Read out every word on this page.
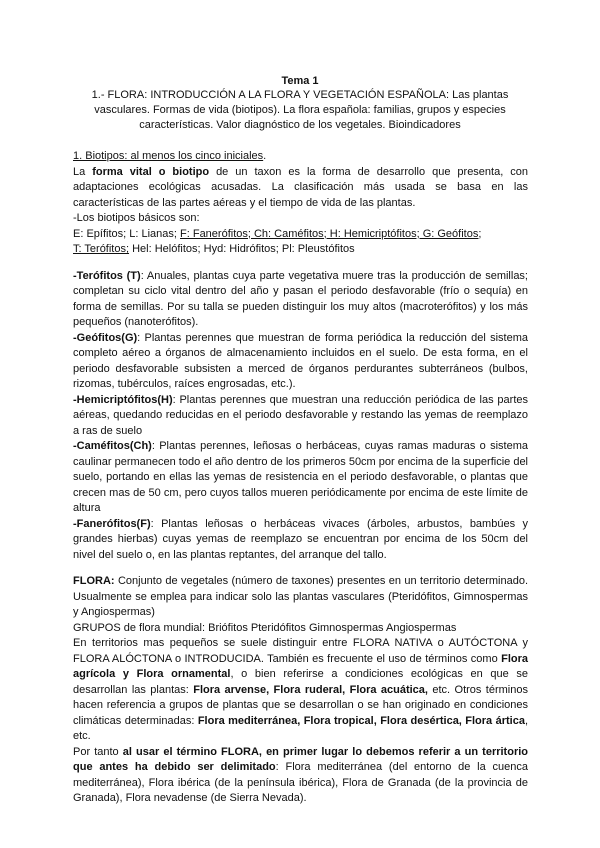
Tema 1
1.- FLORA: INTRODUCCIÓN A LA FLORA Y VEGETACIÓN ESPAÑOLA: Las plantas vasculares. Formas de vida (biotipos). La flora española: familias, grupos y especies características. Valor diagnóstico de los vegetales. Bioindicadores

1. Biotipos: al menos los cinco iniciales.

La forma vital o biotipo de un taxon es la forma de desarrollo que presenta, con adaptaciones ecológicas acusadas. La clasificación más usada se basa en las características de las partes aéreas y el tiempo de vida de las plantas.

-Los biotipos básicos son:

E: Epífitos; L: Lianas; F: Fanerófitos; Ch: Caméfitos; H: Hemicriptófitos; G: Geófitos;

T: Terófitos; Hel: Helófitos; Hyd: Hidrófitos; Pl: Pleustófitos

-Terófitos (T): Anuales, plantas cuya parte vegetativa muere tras la producción de semillas; completan su ciclo vital dentro del año y pasan el periodo desfavorable (frío o sequía) en forma de semillas. Por su talla se pueden distinguir los muy altos (macroterófitos) y los más pequeños (nanoterófitos).

-Geófitos(G): Plantas perennes que muestran de forma periódica la reducción del sistema completo aéreo a órganos de almacenamiento incluidos en el suelo. De esta forma, en el periodo desfavorable subsisten a merced de órganos perdurantes subterráneos (bulbos, rizomas, tubérculos, raíces engrosadas, etc.).

-Hemicriptófitos(H): Plantas perennes que muestran una reducción periódica de las partes aéreas, quedando reducidas en el periodo desfavorable y restando las yemas de reemplazo a ras de suelo

-Caméfitos(Ch): Plantas perennes, leñosas o herbáceas, cuyas ramas maduras o sistema caulinar permanecen todo el año dentro de los primeros 50cm por encima de la superficie del suelo, portando en ellas las yemas de resistencia en el periodo desfavorable, o plantas que crecen mas de 50 cm, pero cuyos tallos mueren periódicamente por encima de este límite de altura

-Fanerófitos(F): Plantas leñosas o herbáceas vivaces (árboles, arbustos, bambúes y grandes hierbas) cuyas yemas de reemplazo se encuentran por encima de los 50cm del nivel del suelo o, en las plantas reptantes, del arranque del tallo.

FLORA: Conjunto de vegetales (número de taxones) presentes en un territorio determinado. Usualmente se emplea para indicar solo las plantas vasculares (Pteridófitos, Gimnospermas y Angiospermas)

GRUPOS de flora mundial: Briófitos Pteridófitos Gimnospermas Angiospermas

En territorios mas pequeños se suele distinguir entre FLORA NATIVA o AUTÓCTONA y FLORA ALÓCTONA o INTRODUCIDA. También es frecuente el uso de términos como Flora agrícola y Flora ornamental, o bien referirse a condiciones ecológicas en que se desarrollan las plantas: Flora arvense, Flora ruderal, Flora acuática, etc. Otros términos hacen referencia a grupos de plantas que se desarrollan o se han originado en condiciones climáticas determinadas: Flora mediterránea, Flora tropical, Flora desértica, Flora ártica, etc.

Por tanto al usar el término FLORA, en primer lugar lo debemos referir a un territorio que antes ha debido ser delimitado: Flora mediterránea (del entorno de la cuenca mediterránea), Flora ibérica (de la península ibérica), Flora de Granada (de la provincia de Granada), Flora nevadense (de Sierra Nevada).
